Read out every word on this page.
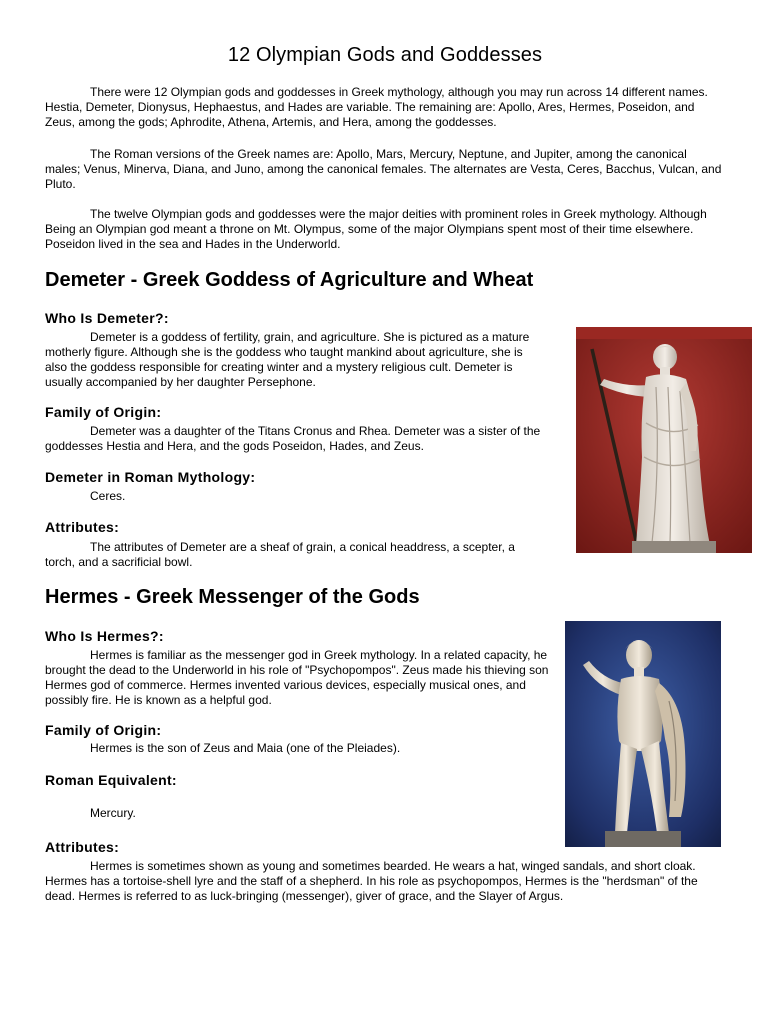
12 Olympian Gods and Goddesses

There were 12 Olympian gods and goddesses in Greek mythology, although you may run across 14 different names. Hestia, Demeter, Dionysus, Hephaestus, and Hades are variable. The remaining are: Apollo, Ares, Hermes, Poseidon, and Zeus, among the gods; Aphrodite, Athena, Artemis, and Hera, among the goddesses.

The Roman versions of the Greek names are: Apollo, Mars, Mercury, Neptune, and Jupiter, among the canonical males; Venus, Minerva, Diana, and Juno, among the canonical females. The alternates are Vesta, Ceres, Bacchus, Vulcan, and Pluto.

The twelve Olympian gods and goddesses were the major deities with prominent roles in Greek mythology. Although Being an Olympian god meant a throne on Mt. Olympus, some of the major Olympians spent most of their time elsewhere. Poseidon lived in the sea and Hades in the Underworld.

Demeter - Greek Goddess of Agriculture and Wheat
Who Is Demeter?:

Demeter is a goddess of fertility, grain, and agriculture. She is pictured as a mature motherly figure. Although she is the goddess who taught mankind about agriculture, she is also the goddess responsible for creating winter and a mystery religious cult. Demeter is usually accompanied by her daughter Persephone.

Family of Origin:

Demeter was a daughter of the Titans Cronus and Rhea. Demeter was a sister of the goddesses Hestia and Hera, and the gods Poseidon, Hades, and Zeus.

Demeter in Roman Mythology:

Ceres.

Attributes:

The attributes of Demeter are a sheaf of grain, a conical headdress, a scepter, a torch, and a sacrificial bowl.

Hermes - Greek Messenger of the Gods
Who Is Hermes?:

Hermes is familiar as the messenger god in Greek mythology. In a related capacity, he brought the dead to the Underworld in his role of "Psychopompos". Zeus made his thieving son Hermes god of commerce. Hermes invented various devices, especially musical ones, and possibly fire. He is known as a helpful god.

Family of Origin:

Hermes is the son of Zeus and Maia (one of the Pleiades).

Roman Equivalent:

Mercury.

Attributes:

Hermes is sometimes shown as young and sometimes bearded. He wears a hat, winged sandals, and short cloak. Hermes has a tortoise-shell lyre and the staff of a shepherd. In his role as psychopompos, Hermes is the "herdsman" of the dead. Hermes is referred to as luck-bringing (messenger), giver of grace, and the Slayer of Argus.
